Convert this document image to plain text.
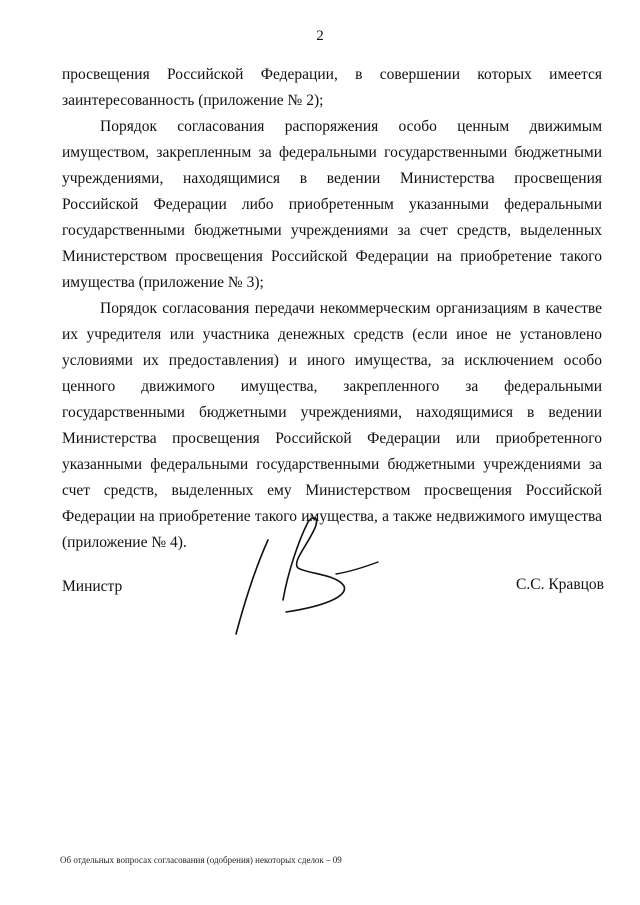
2

просвещения Российской Федерации, в совершении которых имеется заинтересованность (приложение № 2);

Порядок согласования распоряжения особо ценным движимым имуществом, закрепленным за федеральными государственными бюджетными учреждениями, находящимися в ведении Министерства просвещения Российской Федерации либо приобретенным указанными федеральными государственными бюджетными учреждениями за счет средств, выделенных Министерством просвещения Российской Федерации на приобретение такого имущества (приложение № 3);

Порядок согласования передачи некоммерческим организациям в качестве их учредителя или участника денежных средств (если иное не установлено условиями их предоставления) и иного имущества, за исключением особо ценного движимого имущества, закрепленного за федеральными государственными бюджетными учреждениями, находящимися в ведении Министерства просвещения Российской Федерации или приобретенного указанными федеральными государственными бюджетными учреждениями за счет средств, выделенных ему Министерством просвещения Российской Федерации на приобретение такого имущества, а также недвижимого имущества (приложение № 4).

Министр	С.С. Кравцов
Об отдельных вопросах согласования (одобрения) некоторых сделок – 09
